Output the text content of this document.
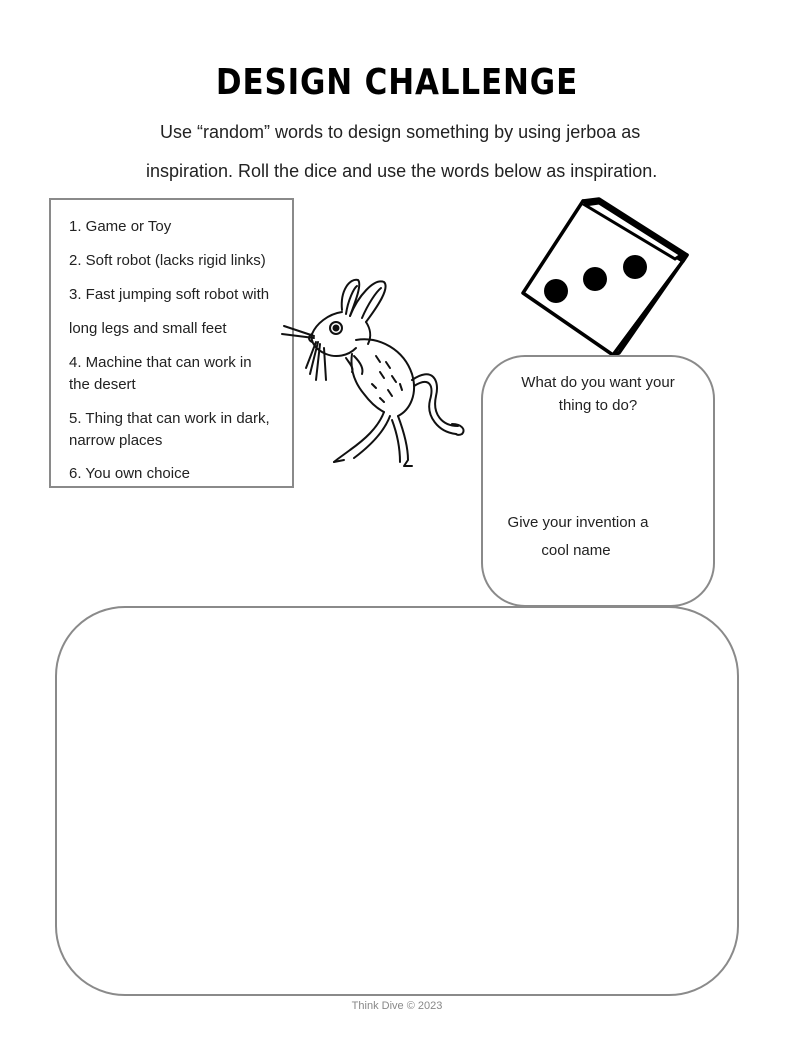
DESIGN CHALLENGE
Use “random” words to design something by using jerboa as
inspiration. Roll the dice and use the words below as inspiration.
1. Game or Toy
2. Soft robot (lacks rigid links)
3. Fast jumping soft robot with
long legs and small feet
4. Machine that can work in
the desert
5. Thing that can work in dark,
narrow places
6. You own choice
What do you want your
thing to do?
Give your invention a
cool name
Think Dive © 2023
